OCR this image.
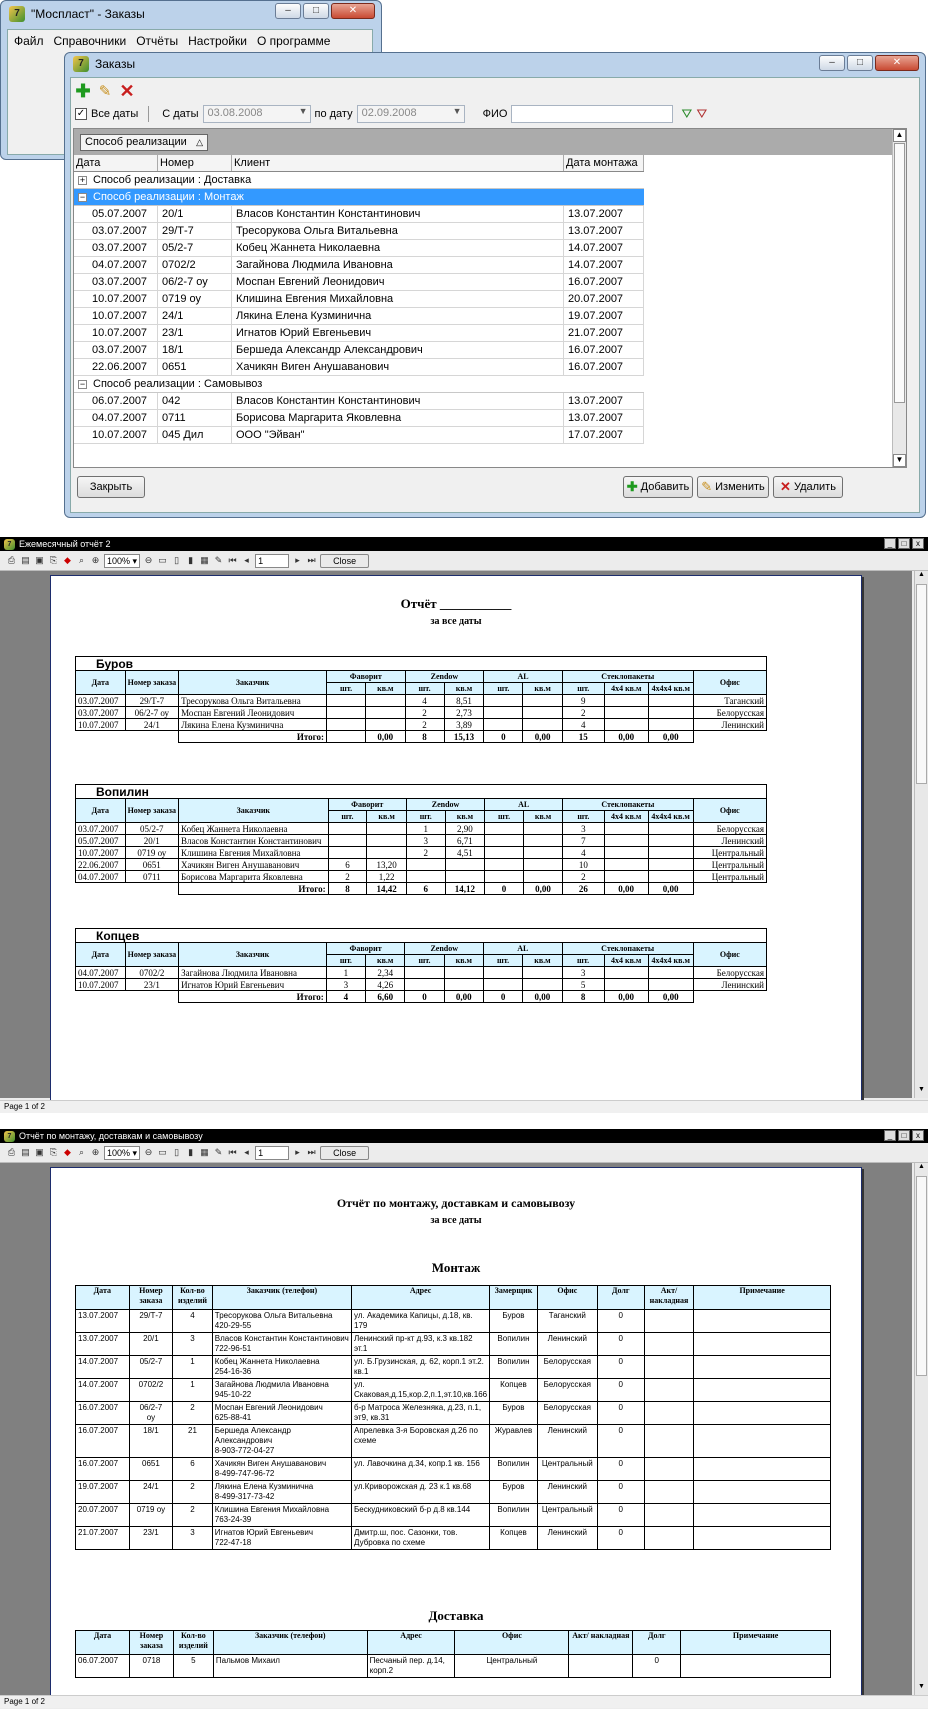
7 "Мосплаcт" - Заказы	–	□	✕
Файл Справочники Отчёты Настройки О программе
7 Заказы	–	□	✕
✚ ✎ ✕
✓ Все даты С даты 03.08.2008	▼ по дату 02.09.2008	▼ ФИО	⛛ ⛛
Способ реализации △
Дата	Номер	Клиент	Дата монтажа
+ Способ реализации : Доставка
− Способ реализации : Монтаж
05.07.2007	20/1	Власов Константин Константинович	13.07.2007
03.07.2007	29/Т-7	Тресорукова Ольга Витальевна	13.07.2007
03.07.2007	05/2-7	Кобец Жаннета Николаевна	14.07.2007
04.07.2007	0702/2	Загайнова Людмила Ивановна	14.07.2007
03.07.2007	06/2-7 оу	Моспан Евгений Леонидович	16.07.2007
10.07.2007	0719 оу	Клишина Евгения Михайловна	20.07.2007
10.07.2007	24/1	Лякина Елена Кузминична	19.07.2007
10.07.2007	23/1	Игнатов Юрий Евгеньевич	21.07.2007
03.07.2007	18/1	Бершеда Александр Александрович	16.07.2007
22.06.2007	0651	Хачикян Виген Анушаванович	16.07.2007
− Способ реализации : Самовывоз
06.07.2007	042	Власов Константин Константинович	13.07.2007
04.07.2007	0711	Борисова Маргарита Яковлевна	13.07.2007
10.07.2007	045 Дил	ООО "Эйван"	17.07.2007
▲
▼
Закрыть	✚ Добавить ✎ Изменить ✕ Удалить
7 Ежемесячный отчёт 2	_	□	x
⎙ ▤ ▣ ⎘ ◆ ⌕ ⊕ 100% ▾ ⊖ ▭ ▯	▮ ▦ ✎ ⏮ ◂	1	▸ ⏭	Close
Отчёт ___________
за все даты
Буров
Дата	Номер заказа	Заказчик	Фаворит		Zendow		AL		Стеклопакеты			Офис
			шт.	кв.м	шт.	кв.м	шт.	кв.м	шт.	4х4 кв.м	4х4х4 кв.м	
03.07.2007	29/Т-7	Тресорукова Ольга Витальевна			4	8,51			9			Таганский
03.07.2007	06/2-7 оу	Моспан Евгений Леонидович			2	2,73			2			Белорусская
10.07.2007	24/1	Лякина Елена Кузминична			2	3,89			4			Ленинский
		Итого:		0,00	8	15,13	0	0,00	15	0,00	0,00	
Вопилин
Дата	Номер заказа	Заказчик	Фаворит		Zendow		AL		Стеклопакеты			Офис
			шт.	кв.м	шт.	кв.м	шт.	кв.м	шт.	4х4 кв.м	4х4х4 кв.м	
03.07.2007	05/2-7	Кобец Жаннета Николаевна			1	2,90			3			Белорусская
05.07.2007	20/1	Власов Константин Константинович			3	6,71			7			Ленинский
10.07.2007	0719 оу	Клишина Евгения Михайловна			2	4,51			4			Центральный
22.06.2007	0651	Хачикян Виген Анушаванович	6	13,20					10			Центральный
04.07.2007	0711	Борисова Маргарита Яковлевна	2	1,22					2			Центральный
		Итого:	8	14,42	6	14,12	0	0,00	26	0,00	0,00	
Копцев
Дата	Номер заказа	Заказчик	Фаворит		Zendow		AL		Стеклопакеты			Офис
			шт.	кв.м	шт.	кв.м	шт.	кв.м	шт.	4х4 кв.м	4х4х4 кв.м	
04.07.2007	0702/2	Загайнова Людмила Ивановна	1	2,34					3			Белорусская
10.07.2007	23/1	Игнатов Юрий Евгеньевич	3	4,26					5			Ленинский
		Итого:	4	6,60	0	0,00	0	0,00	8	0,00	0,00	
▲
▼
Page 1 of 2
7 Отчёт по монтажу, доставкам и самовывозу	_	□	x
⎙ ▤ ▣ ⎘ ◆ ⌕ ⊕ 100% ▾ ⊖ ▭ ▯	▮ ▦ ✎ ⏮ ◂	1	▸ ⏭	Close
Отчёт по монтажу, доставкам и самовывозу
за все даты
Монтаж
Дата	Номер заказа	Кол-во изделий	Заказчик (телефон)	Адрес	Замерщик	Офис	Долг	Акт/ накладная	Примечание
13.07.2007	29/Т-7	4	Тресорукова Ольга Витальевна
420-29-55	ул. Академика Капицы, д.18, кв. 179	Буров	Таганский	0		
13.07.2007	20/1	3	Власов Константин Константинович
722-96-51	Ленинский пр-кт д.93, к.3 кв.182 эт.1	Вопилин	Ленинский	0		
14.07.2007	05/2-7	1	Кобец Жаннета Николаевна
254-16-36	ул. Б.Грузинская, д. 62, корп.1 эт.2. кв.1	Вопилин	Белорусская	0		
14.07.2007	0702/2	1	Загайнова Людмила Ивановна
945-10-22	ул. Скаковая,д.15,кор.2,п.1,эт.10,кв.166	Копцев	Белорусская	0		
16.07.2007	06/2-7
оу	2	Моспан Евгений Леонидович
625-88-41	б-р Матроса Железняка, д.23, п.1, эт9, кв.31	Буров	Белорусская	0		
16.07.2007	18/1	21	Бершеда Александр Александрович
8-903-772-04-27	Апрелевка 3-я Боровская д.26 по схеме	Журавлев	Ленинский	0		
16.07.2007	0651	6	Хачикян Виген Анушаванович
8-499-747-96-72	ул. Лавочкина д.34, копр.1 кв. 156	Вопилин	Центральный	0		
19.07.2007	24/1	2	Лякина Елена Кузминична
8-499-317-73-42	ул.Криворожская д. 23 к.1 кв.68	Буров	Ленинский	0		
20.07.2007	0719 оу	2	Клишина Евгения Михайловна
763-24-39	Бескудниковский б-р д.8 кв.144	Вопилин	Центральный	0		
21.07.2007	23/1	3	Игнатов Юрий Евгеньевич
722-47-18	Дмитр.ш, пос. Сазонки, тов. Дубровка по схеме	Копцев	Ленинский	0		
Доставка
Дата	Номер заказа	Кол-во изделий	Заказчик (телефон)	Адрес	Офис	Акт/ накладная	Долг	Примечание
06.07.2007	0718	5	Пальмов Михаил	Песчаный пер. д.14, корп.2	Центральный		0	
▲
▼
Page 1 of 2
